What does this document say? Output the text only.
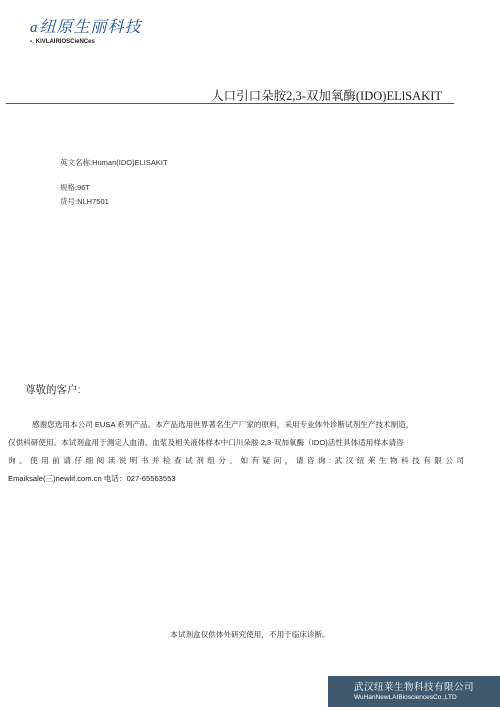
a纽原生丽科技
•. KIVLAIRIOSCieNCes
人口引口朵胺2,3-双加氧酶(IDO)ELlSAKIT
英文名称:Human(IDO)ELISAKIT
规格:96T
货号:NLH7501
尊敬的客户:

感谢您选用本公司 EUSA 系列产品。本产品选用世界著名生产厂家的原料，采用专业体外诊断试剂生产技术制造，

仅供科研使用。本试剂盒用于测定人血清、血浆及相关液体样本中口川朵胺 2,3-双加氧酶（IDO)活性具体适用样本请咨

询。使用前请仔细阅读说明书并检查试剂组分。如有疑问，请咨询:武汉纽莱生物科技有限公司

Emaiksale(三)newlif.com.cn 电话：027-65563553

本试剂盒仅供体外研究使用，不用于临床诊断。
武汉纽莱生物科技有限公司
WuHanNewLAIBiosciencesCo.,LTD
